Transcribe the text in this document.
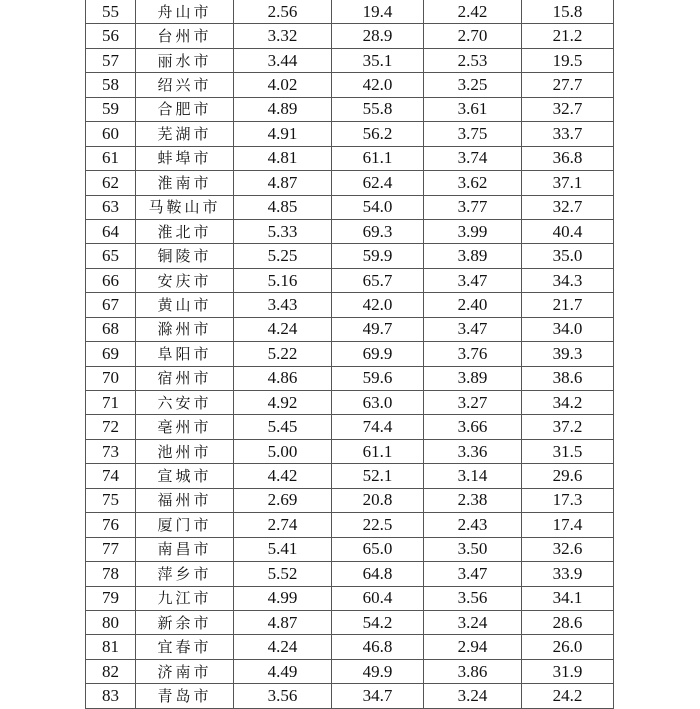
55	舟山市	2.56	19.4	2.42	15.8
56	台州市	3.32	28.9	2.70	21.2
57	丽水市	3.44	35.1	2.53	19.5
58	绍兴市	4.02	42.0	3.25	27.7
59	合肥市	4.89	55.8	3.61	32.7
60	芜湖市	4.91	56.2	3.75	33.7
61	蚌埠市	4.81	61.1	3.74	36.8
62	淮南市	4.87	62.4	3.62	37.1
63	马鞍山市	4.85	54.0	3.77	32.7
64	淮北市	5.33	69.3	3.99	40.4
65	铜陵市	5.25	59.9	3.89	35.0
66	安庆市	5.16	65.7	3.47	34.3
67	黄山市	3.43	42.0	2.40	21.7
68	滁州市	4.24	49.7	3.47	34.0
69	阜阳市	5.22	69.9	3.76	39.3
70	宿州市	4.86	59.6	3.89	38.6
71	六安市	4.92	63.0	3.27	34.2
72	亳州市	5.45	74.4	3.66	37.2
73	池州市	5.00	61.1	3.36	31.5
74	宣城市	4.42	52.1	3.14	29.6
75	福州市	2.69	20.8	2.38	17.3
76	厦门市	2.74	22.5	2.43	17.4
77	南昌市	5.41	65.0	3.50	32.6
78	萍乡市	5.52	64.8	3.47	33.9
79	九江市	4.99	60.4	3.56	34.1
80	新余市	4.87	54.2	3.24	28.6
81	宜春市	4.24	46.8	2.94	26.0
82	济南市	4.49	49.9	3.86	31.9
83	青岛市	3.56	34.7	3.24	24.2
